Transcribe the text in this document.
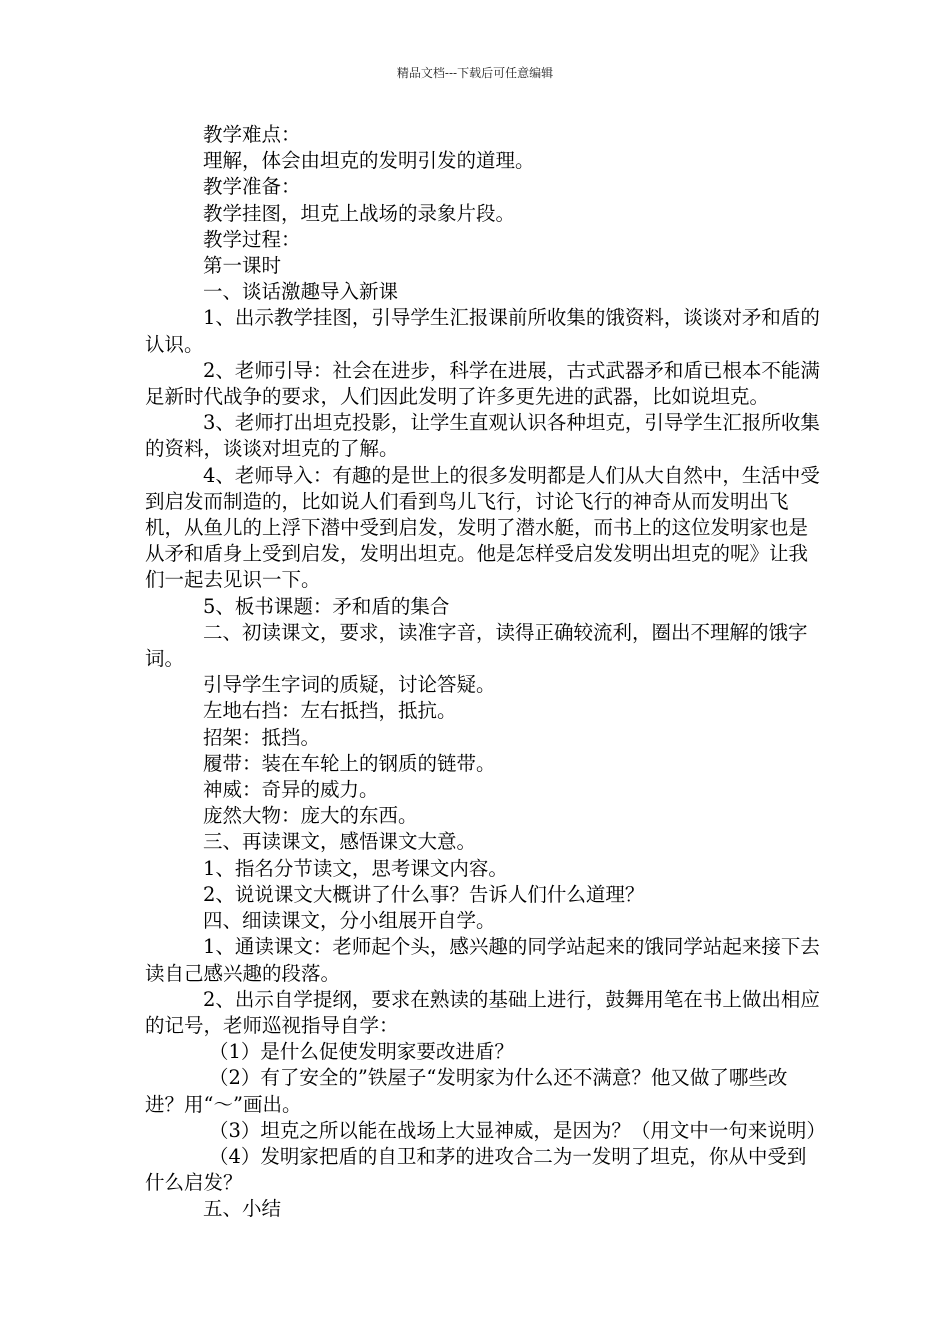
精品文档---下载后可任意编辑

教学难点：

理解，体会由坦克的发明引发的道理。

教学准备：

教学挂图，坦克上战场的录象片段。

教学过程：

第一课时

一、谈话激趣导入新课

1、出示教学挂图，引导学生汇报课前所收集的饿资料，谈谈对矛和盾的认识。

2、老师引导：社会在进步，科学在进展，古式武器矛和盾已根本不能满足新时代战争的要求，人们因此发明了许多更先进的武器，比如说坦克。

3、老师打出坦克投影，让学生直观认识各种坦克，引导学生汇报所收集的资料，谈谈对坦克的了解。

4、老师导入：有趣的是世上的很多发明都是人们从大自然中，生活中受到启发而制造的，比如说人们看到鸟儿飞行，讨论飞行的神奇从而发明出飞机，从鱼儿的上浮下潜中受到启发，发明了潜水艇，而书上的这位发明家也是从矛和盾身上受到启发，发明出坦克。他是怎样受启发发明出坦克的呢》让我们一起去见识一下。

5、板书课题：矛和盾的集合

二、初读课文，要求，读准字音，读得正确较流利，圈出不理解的饿字词。

引导学生字词的质疑，讨论答疑。

左地右挡：左右抵挡，抵抗。

招架：抵挡。

履带：装在车轮上的钢质的链带。

神威：奇异的威力。

庞然大物：庞大的东西。

三、再读课文，感悟课文大意。

1、指名分节读文，思考课文内容。

2、说说课文大概讲了什么事？告诉人们什么道理？

四、细读课文，分小组展开自学。

1、通读课文：老师起个头，感兴趣的同学站起来的饿同学站起来接下去读自己感兴趣的段落。

2、出示自学提纲，要求在熟读的基础上进行，鼓舞用笔在书上做出相应的记号，老师巡视指导自学：

（1）是什么促使发明家要改进盾？

（2）有了安全的”铁屋子“发明家为什么还不满意？他又做了哪些改进？用“～”画出。

（3）坦克之所以能在战场上大显神威，是因为？（用文中一句来说明）

（4）发明家把盾的自卫和茅的进攻合二为一发明了坦克，你从中受到什么启发？

五、小结
